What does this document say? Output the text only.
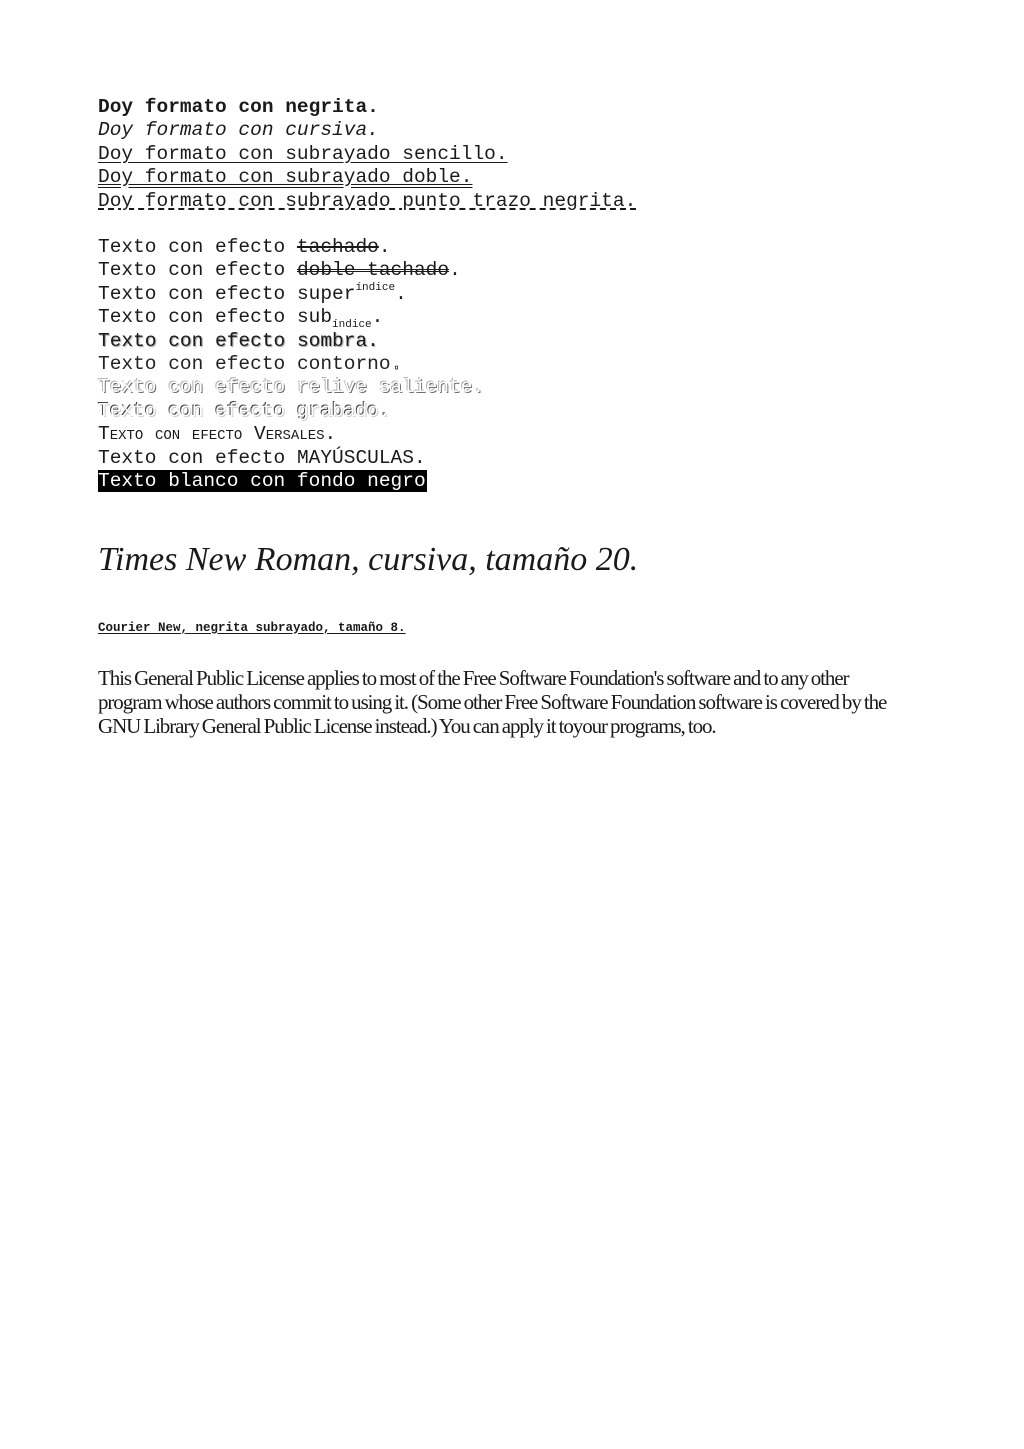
Doy formato con negrita.
Doy formato con cursiva.
Doy formato con subrayado sencillo.
Doy formato con subrayado doble.
Doy formato con subrayado punto trazo negrita.
Texto con efecto tachado.
Texto con efecto doble tachado.
Texto con efecto super$^{índice}$.
Texto con efecto sub$_{índice}$.
Texto con efecto sombra.
Texto con efecto contorno.
Texto con efecto relive saliente.
Texto con efecto grabado.
Texto con efecto Versales.
Texto con efecto MAYÚSCULAS.
Texto blanco con fondo negro
Times New Roman, cursiva, tamaño 20.
Courier New, negrita subrayado, tamaño 8.
This General Public License applies to most of the Free Software Foundation's software and to any other program whose authors commit to using it. (Some other Free Software Foundation software is covered by the GNU Library General Public License instead.) You can apply it toyour programs, too.
